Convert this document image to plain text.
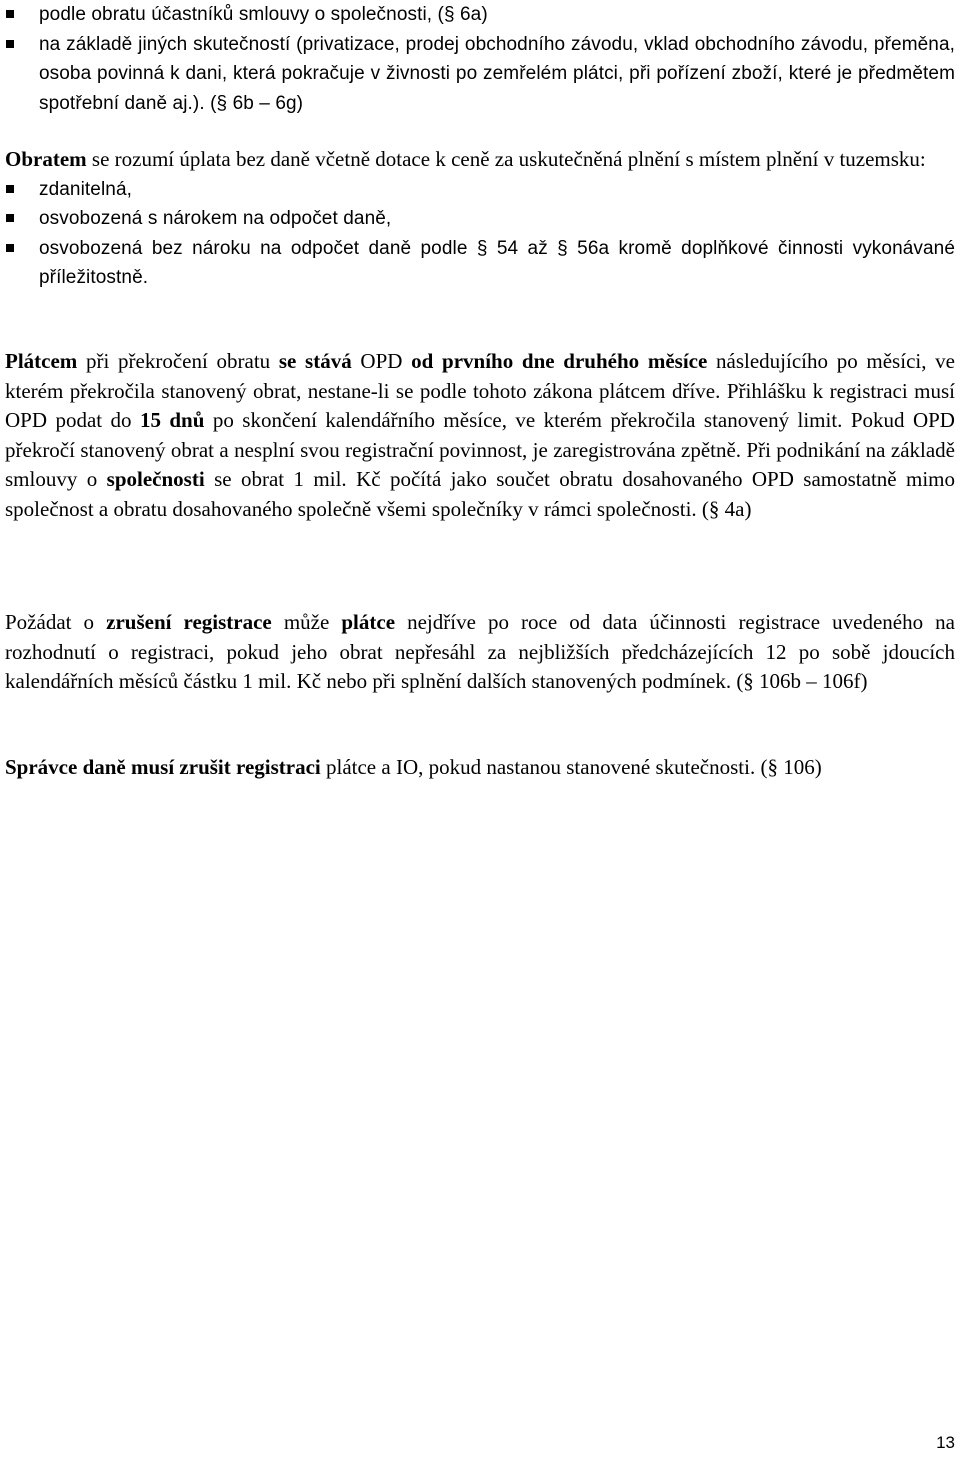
podle obratu účastníků smlouvy o společnosti, (§ 6a)
na základě jiných skutečností (privatizace, prodej obchodního závodu, vklad obchodního závodu, přeměna, osoba povinná k dani, která pokračuje v živnosti po zemřelém plátci, při pořízení zboží, které je předmětem spotřební daně aj.). (§ 6b – 6g)

Obratem se rozumí úplata bez daně včetně dotace k ceně za uskutečněná plnění s místem plnění v tuzemsku:

zdanitelná,
osvobozená s nárokem na odpočet daně,
osvobozená bez nároku na odpočet daně podle § 54 až § 56a kromě doplňkové činnosti vykonávané příležitostně.

Plátcem při překročení obratu se stává OPD od prvního dne druhého měsíce následujícího po měsíci, ve kterém překročila stanovený obrat, nestane-li se podle tohoto zákona plátcem dříve. Přihlášku k registraci musí OPD podat do 15 dnů po skončení kalendářního měsíce, ve kterém překročila stanovený limit. Pokud OPD překročí stanovený obrat a nesplní svou registrační povinnost, je zaregistrována zpětně. Při podnikání na základě smlouvy o společnosti se obrat 1 mil. Kč počítá jako součet obratu dosahovaného OPD samostatně mimo společnost a obratu dosahovaného společně všemi společníky v rámci společnosti. (§ 4a)

Požádat o zrušení registrace může plátce nejdříve po roce od data účinnosti registrace uvedeného na rozhodnutí o registraci, pokud jeho obrat nepřesáhl za nejbližších předcházejících 12 po sobě jdoucích kalendářních měsíců částku 1 mil. Kč nebo při splnění dalších stanovených podmínek. (§ 106b – 106f)

Správce daně musí zrušit registraci plátce a IO, pokud nastanou stanovené skutečnosti. (§ 106)

13
